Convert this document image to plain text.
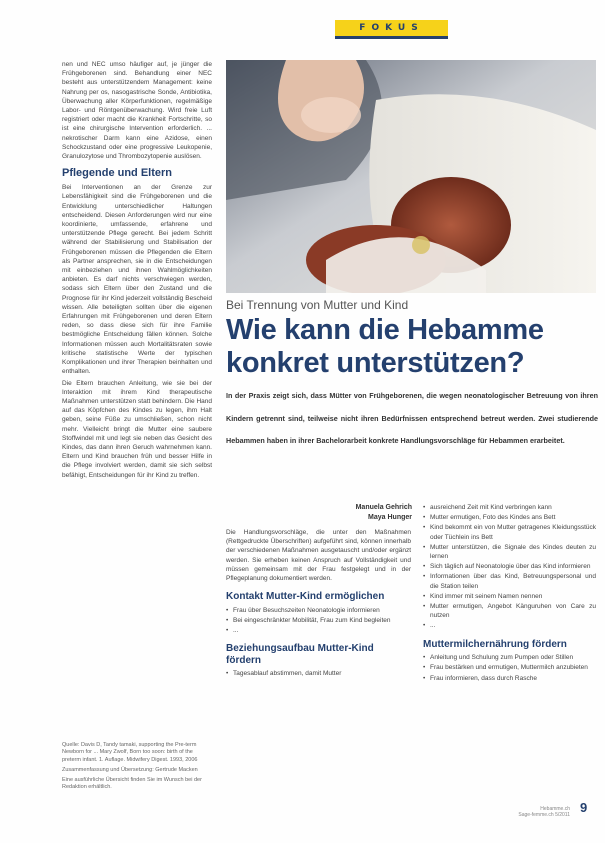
FOKUS

nen und NEC umso häufiger auf, je jünger die Frühgeborenen sind. Behandlung einer NEC besteht aus unterstützendem Management: keine Nahrung per os, nasogastrische Sonde, Antibiotika, Überwachung aller Körperfunktionen, regelmäßige Labor- und Röntgenüberwachung. Wird freie Luft registriert oder macht die Krankheit Fortschritte, so ist eine chirurgische Intervention erforderlich. ... nekrotischer Darm kann eine Azidose, einen Schockzustand oder eine progressive Leukopenie, Granulozytose und Thrombozytopenie auslösen.

Pflegende und Eltern

Bei Interventionen an der Grenze zur Lebensfähigkeit sind die Frühgeborenen und die Entwicklung unterschiedlicher Haltungen entscheidend. Diesen Anforderungen wird nur eine koordinierte, umfassende, erfahrene und unterstützende Pflege gerecht. Bei jedem Schritt während der Stabilisierung und Stabilisation der Frühgeborenen müssen die Pflegenden die Eltern als Partner ansprechen, sie in die Entscheidungen mit einbeziehen und ihnen Wahlmöglichkeiten anbieten. Es darf nichts verschwiegen werden, sodass sich Eltern über den Zustand und die Prognose für ihr Kind jederzeit vollständig Bescheid wissen. Alle beteiligten sollten über die eigenen Erfahrungen mit Frühgeborenen und deren Eltern reden, so dass diese sich für ihre Familie bestmögliche Entscheidung fällen können. Solche Informationen müssen auch Mortalitätsraten sowie kritische statistische Werte der typischen Komplikationen und ihrer Therapien beinhalten und enthalten.

Die Eltern brauchen Anleitung, wie sie bei der Interaktion mit ihrem Kind therapeutische Maßnahmen unterstützen statt behindern. Die Hand auf das Köpfchen des Kindes zu legen, ihm Halt geben, seine Füße zu umschließen, schon nicht mehr. Vielleicht bringt die Mutter eine saubere Stoffwindel mit und legt sie neben das Gesicht des Kindes, das dann ihren Geruch wahrnehmen kann. Eltern und Kind brauchen früh und besser Hilfe in die Pflege involviert werden, damit sie sich selbst befähigt, Entscheidungen für ihr Kind zu treffen.

Quelle: Davis D, Tandy tamaki, supporting the Pre-term Newborn for ... Mary Zwolf, Born too soon: birth of the preterm infant. 1. Auflage. Midwifery Digest. 1993, 2006

Zusammenfassung und Übersetzung: Gertrude Macken

Eine ausführliche Übersicht finden Sie im Wunsch bei der Redaktion erhältlich.

Bei Trennung von Mutter und Kind
Wie kann die Hebamme
konkret unterstützen?
In der Praxis zeigt sich, dass Mütter von Frühgeborenen, die wegen neonatologischer Betreuung von ihren Kindern getrennt sind, teilweise nicht ihren Bedürfnissen entsprechend betreut werden. Zwei studierende Hebammen haben in ihrer Bachelorarbeit konkrete Handlungsvorschläge für Hebammen erarbeitet.
Manuela Gehrich
Maya Hunger

Die Handlungsvorschläge, die unter den Maßnahmen (Rettgedruckte Überschriften) aufgeführt sind, können innerhalb der verschiedenen Maßnahmen ausgetauscht und/oder ergänzt werden. Sie erheben keinen Anspruch auf Vollständigkeit und müssen gemeinsam mit der Frau festgelegt und in der Pflegeplanung dokumentiert werden.

Kontakt Mutter-Kind ermöglichen
• Frau über Besuchszeiten Neonatologie informieren
• Bei eingeschränkter Mobilität, Frau zum Kind begleiten
• ...
Beziehungsaufbau Mutter-Kind fördern
• Tagesablauf abstimmen, damit Mutter
• ausreichend Zeit mit Kind verbringen kann
• Mutter ermutigen, Foto des Kindes ans Bett
• Kind bekommt ein von Mutter getragenes Kleidungsstück oder Tüchlein ins Bett
• Mutter unterstützen, die Signale des Kindes deuten zu lernen
• Sich täglich auf Neonatologie über das Kind informieren
• Informationen über das Kind, Betreuungspersonal und die Station teilen
• Kind immer mit seinem Namen nennen
• Mutter ermutigen, Angebot Känguruhen von Care zu nutzen
• ...
Muttermilchernährung fördern
• Anleitung und Schulung zum Pumpen oder Stillen
• Frau bestärken und ermutigen, Muttermilch anzubieten
• Frau informieren, dass durch Rasche
Hebamme.ch
Sage-femme.ch 5/2011 9
